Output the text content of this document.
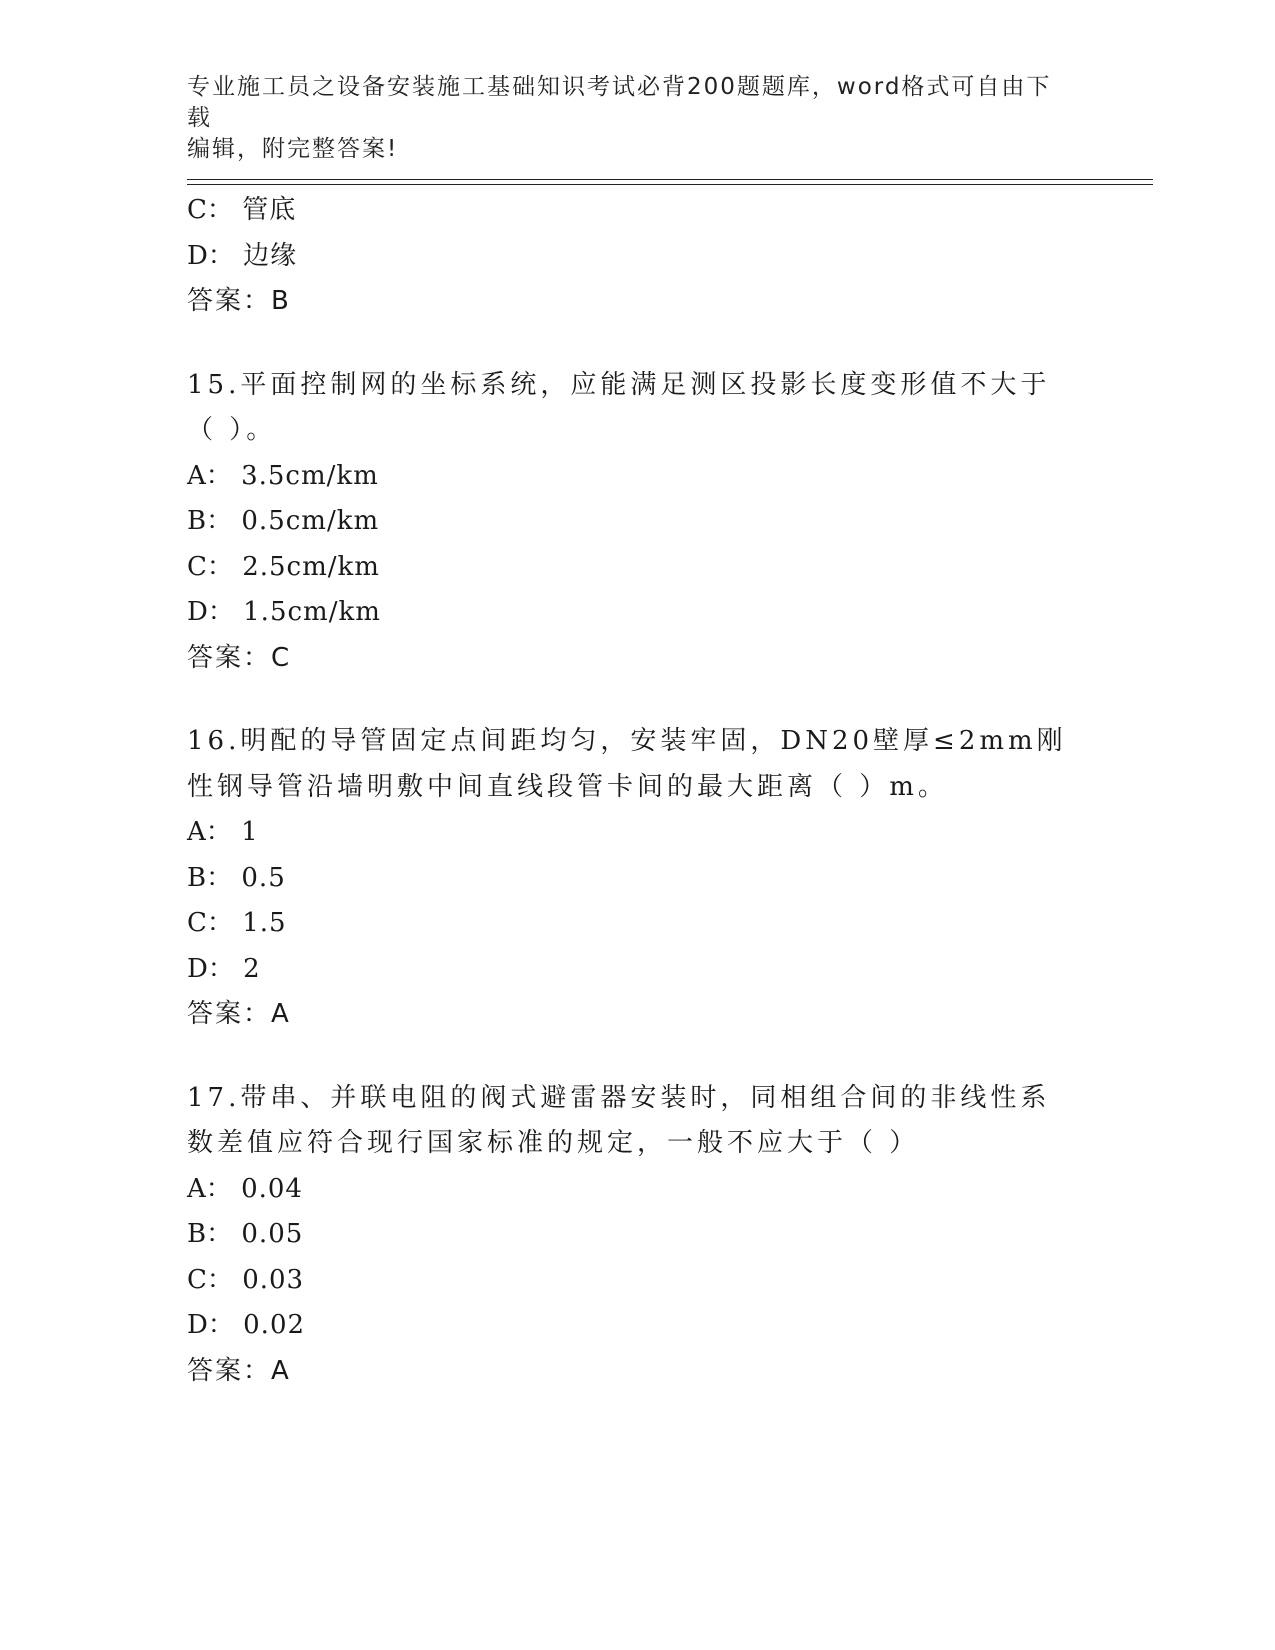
专业施工员之设备安装施工基础知识考试必背200题题库，word格式可自由下载
编辑，附完整答案!
C： 管底
D： 边缘
答案：B
15.平面控制网的坐标系统，应能满足测区投影长度变形值不大于（ ）。
A： 3.5cm/km
B： 0.5cm/km
C： 2.5cm/km
D： 1.5cm/km
答案：C
16.明配的导管固定点间距均匀，安装牢固，DN20壁厚≤2mm刚性钢导管沿墙明敷中间直线段管卡间的最大距离（ ）m。
A： 1
B： 0.5
C： 1.5
D： 2
答案：A
17.带串、并联电阻的阀式避雷器安装时，同相组合间的非线性系数差值应符合现行国家标准的规定，一般不应大于（ ）
A： 0.04
B： 0.05
C： 0.03
D： 0.02
答案：A
